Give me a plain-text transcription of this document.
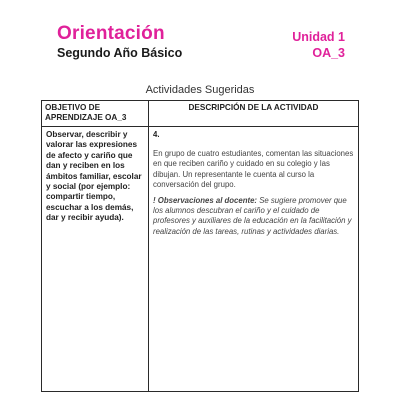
Orientación
Segundo Año Básico
Unidad 1
OA_3
Actividades Sugeridas
OBJETIVO DE APRENDIZAJE OA_3	DESCRIPCIÓN DE LA ACTIVIDAD
Observar, describir y valorar las expresiones de afecto y cariño que dan y reciben en los ámbitos familiar, escolar y social (por ejemplo: compartir tiempo, escuchar a los demás, dar y recibir ayuda).	4.
En grupo de cuatro estudiantes, comentan las situaciones en que reciben cariño y cuidado en su colegio y las dibujan. Un representante le cuenta al curso la conversación del grupo.
! Observaciones al docente: Se sugiere promover que los alumnos descubran el cariño y el cuidado de profesores y auxiliares de la educación en la facilitación y realización de las tareas, rutinas y actividades diarias.
